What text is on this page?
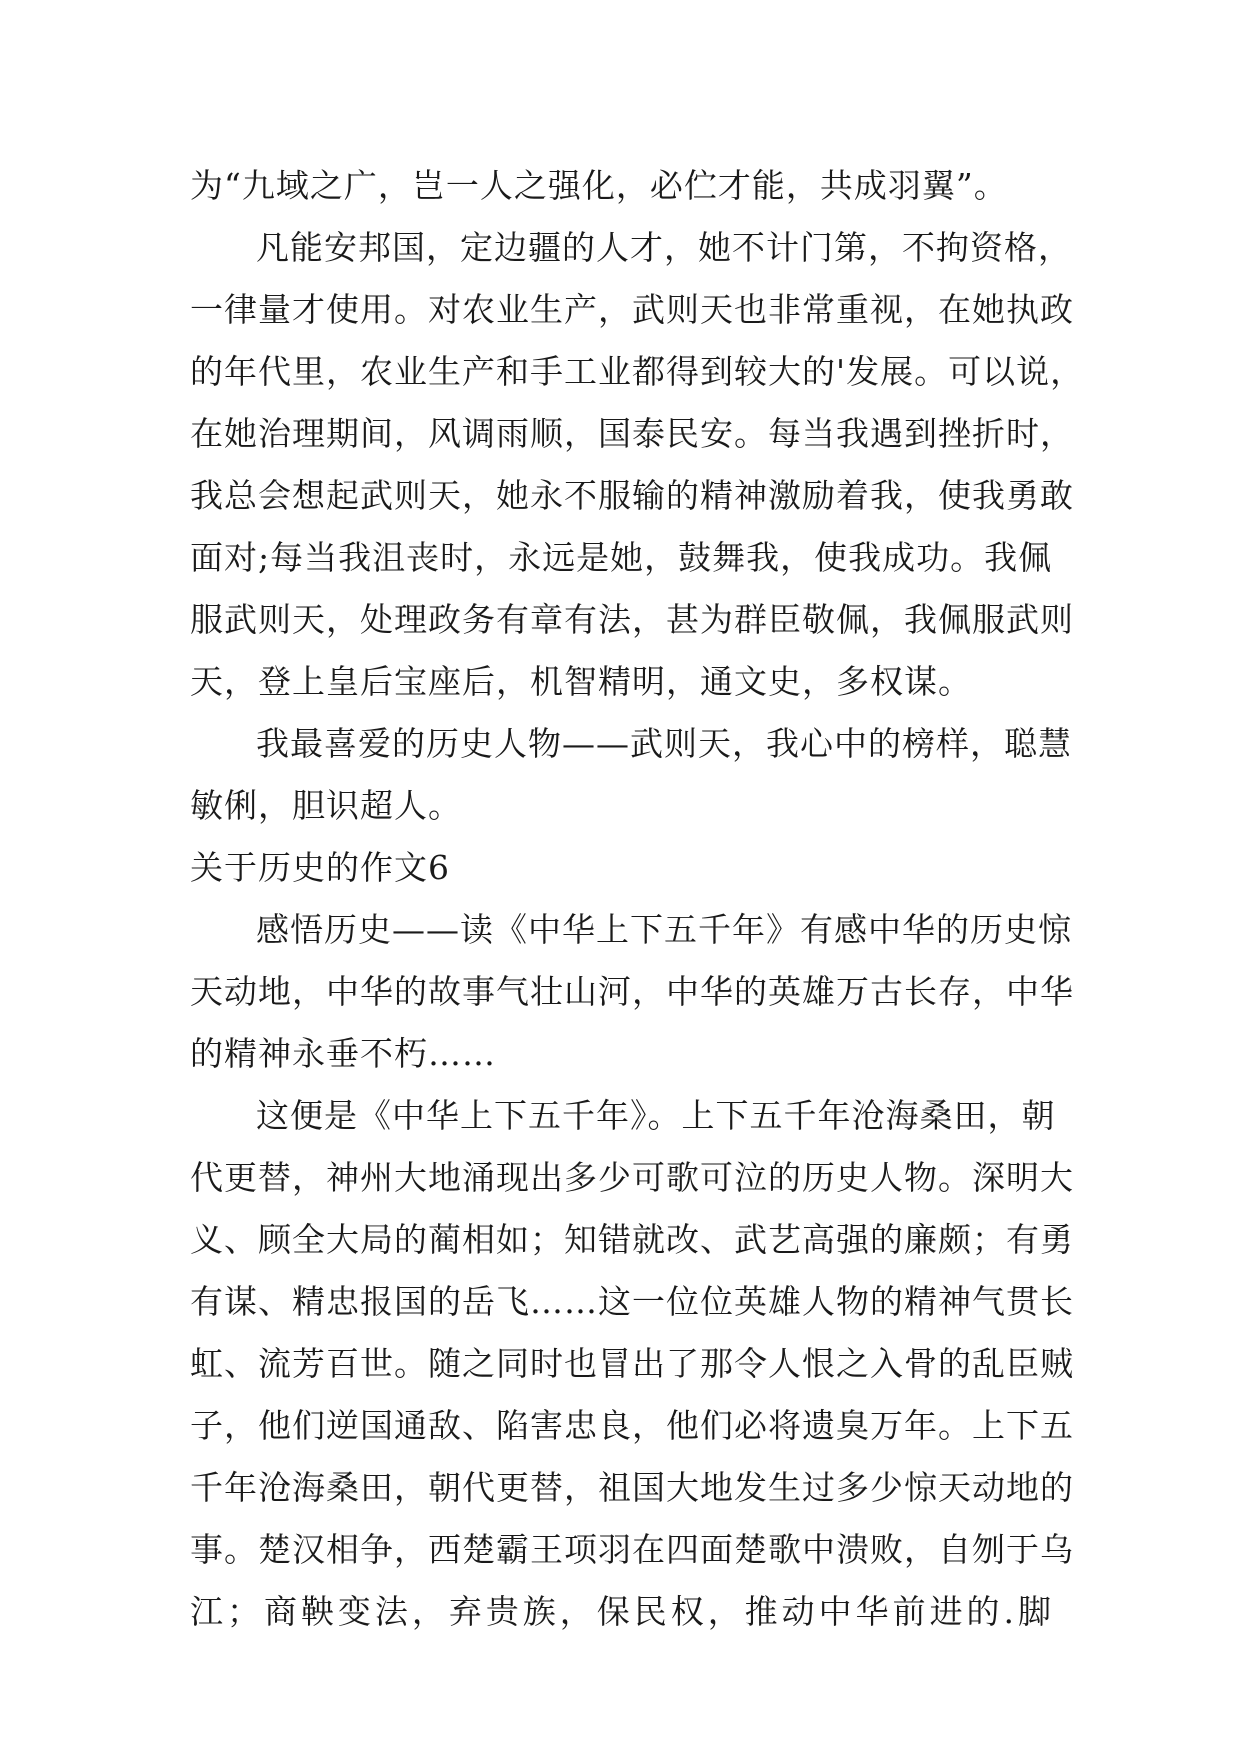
为“九域之广，岂一人之强化，必伫才能，共成羽翼”。
凡能安邦国，定边疆的人才，她不计门第，不拘资格，
一律量才使用。对农业生产，武则天也非常重视，在她执政
的年代里，农业生产和手工业都得到较大的'发展。可以说，
在她治理期间，风调雨顺，国泰民安。每当我遇到挫折时，
我总会想起武则天，她永不服输的精神激励着我，使我勇敢
面对;每当我沮丧时，永远是她，鼓舞我，使我成功。我佩
服武则天，处理政务有章有法，甚为群臣敬佩，我佩服武则
天，登上皇后宝座后，机智精明，通文史，多权谋。
我最喜爱的历史人物——武则天，我心中的榜样，聪慧
敏俐，胆识超人。
关于历史的作文6
感悟历史——读《中华上下五千年》有感中华的历史惊
天动地，中华的故事气壮山河，中华的英雄万古长存，中华
的精神永垂不朽……
这便是《中华上下五千年》。上下五千年沧海桑田，朝
代更替，神州大地涌现出多少可歌可泣的历史人物。深明大
义、顾全大局的蔺相如；知错就改、武艺高强的廉颇；有勇
有谋、精忠报国的岳飞……这一位位英雄人物的精神气贯长
虹、流芳百世。随之同时也冒出了那令人恨之入骨的乱臣贼
子，他们逆国通敌、陷害忠良，他们必将遗臭万年。上下五
千年沧海桑田，朝代更替，祖国大地发生过多少惊天动地的
事。楚汉相争，西楚霸王项羽在四面楚歌中溃败，自刎于乌
江；商鞅变法，弃贵族，保民权，推动中华前进的.脚
